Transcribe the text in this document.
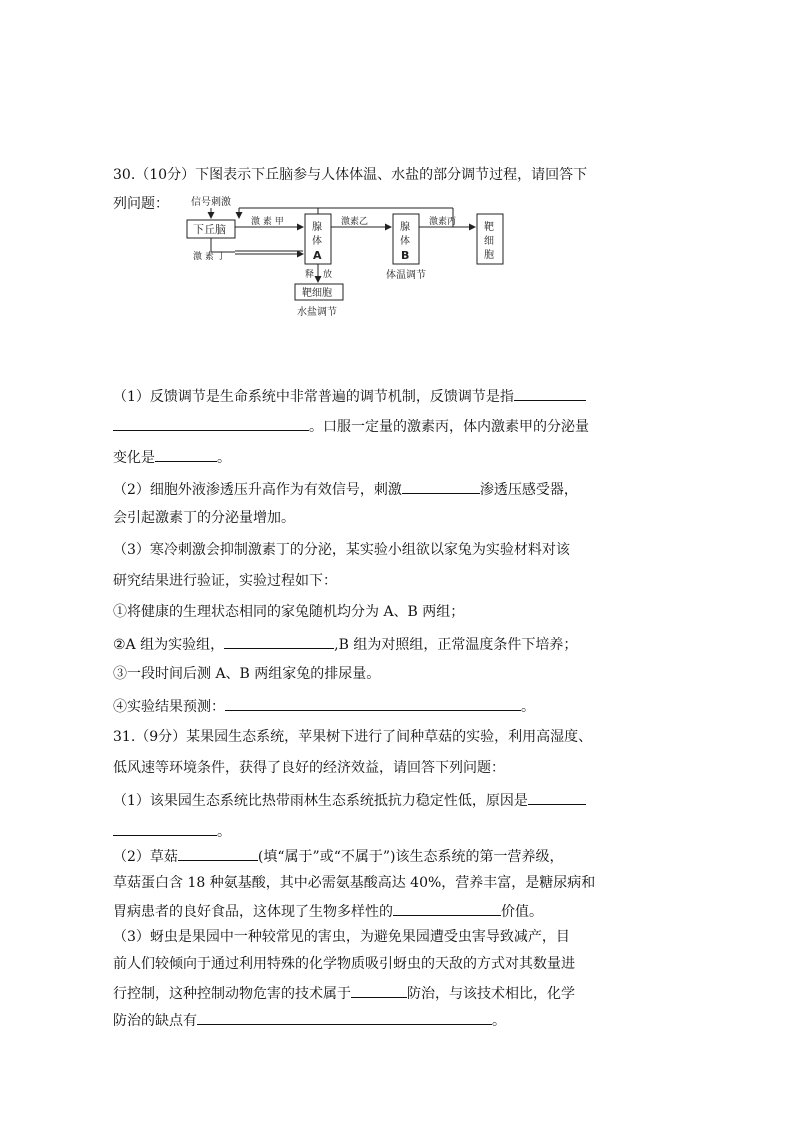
30.（10分）下图表示下丘脑参与人体体温、水盐的部分调节过程，请回答下
列问题： 信号刺激
下丘脑
激 素 甲
激 素 丁
腺
体
A
激素乙	腺
体
B
激素丙	靶
细
胞
体温调节
释 放
靶细胞
水盐调节
（1）反馈调节是生命系统中非常普遍的调节机制，反馈调节是指
。口服一定量的激素丙，体内激素甲的分泌量
变化是	。
（2）细胞外液渗透压升高作为有效信号，刺激	渗透压感受器，
会引起激素丁的分泌量增加。
（3）寒冷刺激会抑制激素丁的分泌，某实验小组欲以家兔为实验材料对该
研究结果进行验证，实验过程如下：
①将健康的生理状态相同的家兔随机均分为 A、B 两组；
②A 组为实验组，	,B 组为对照组，正常温度条件下培养；
③一段时间后测 A、B 两组家兔的排尿量。
④实验结果预测：	。
31.（9分）某果园生态系统，苹果树下进行了间种草菇的实验，利用高湿度、
低风速等环境条件，获得了良好的经济效益，请回答下列问题：
（1）该果园生态系统比热带雨林生态系统抵抗力稳定性低，原因是
。
（2）草菇	(填“属于”或“不属于”)该生态系统的第一营养级，
草菇蛋白含 18 种氨基酸，其中必需氨基酸高达 40%，营养丰富，是糖尿病和
胃病患者的良好食品，这体现了生物多样性的	价值。
（3）蚜虫是果园中一种较常见的害虫，为避免果园遭受虫害导致减产，目
前人们较倾向于通过利用特殊的化学物质吸引蚜虫的天敌的方式对其数量进
行控制，这种控制动物危害的技术属于	防治，与该技术相比，化学
防治的缺点有	。
